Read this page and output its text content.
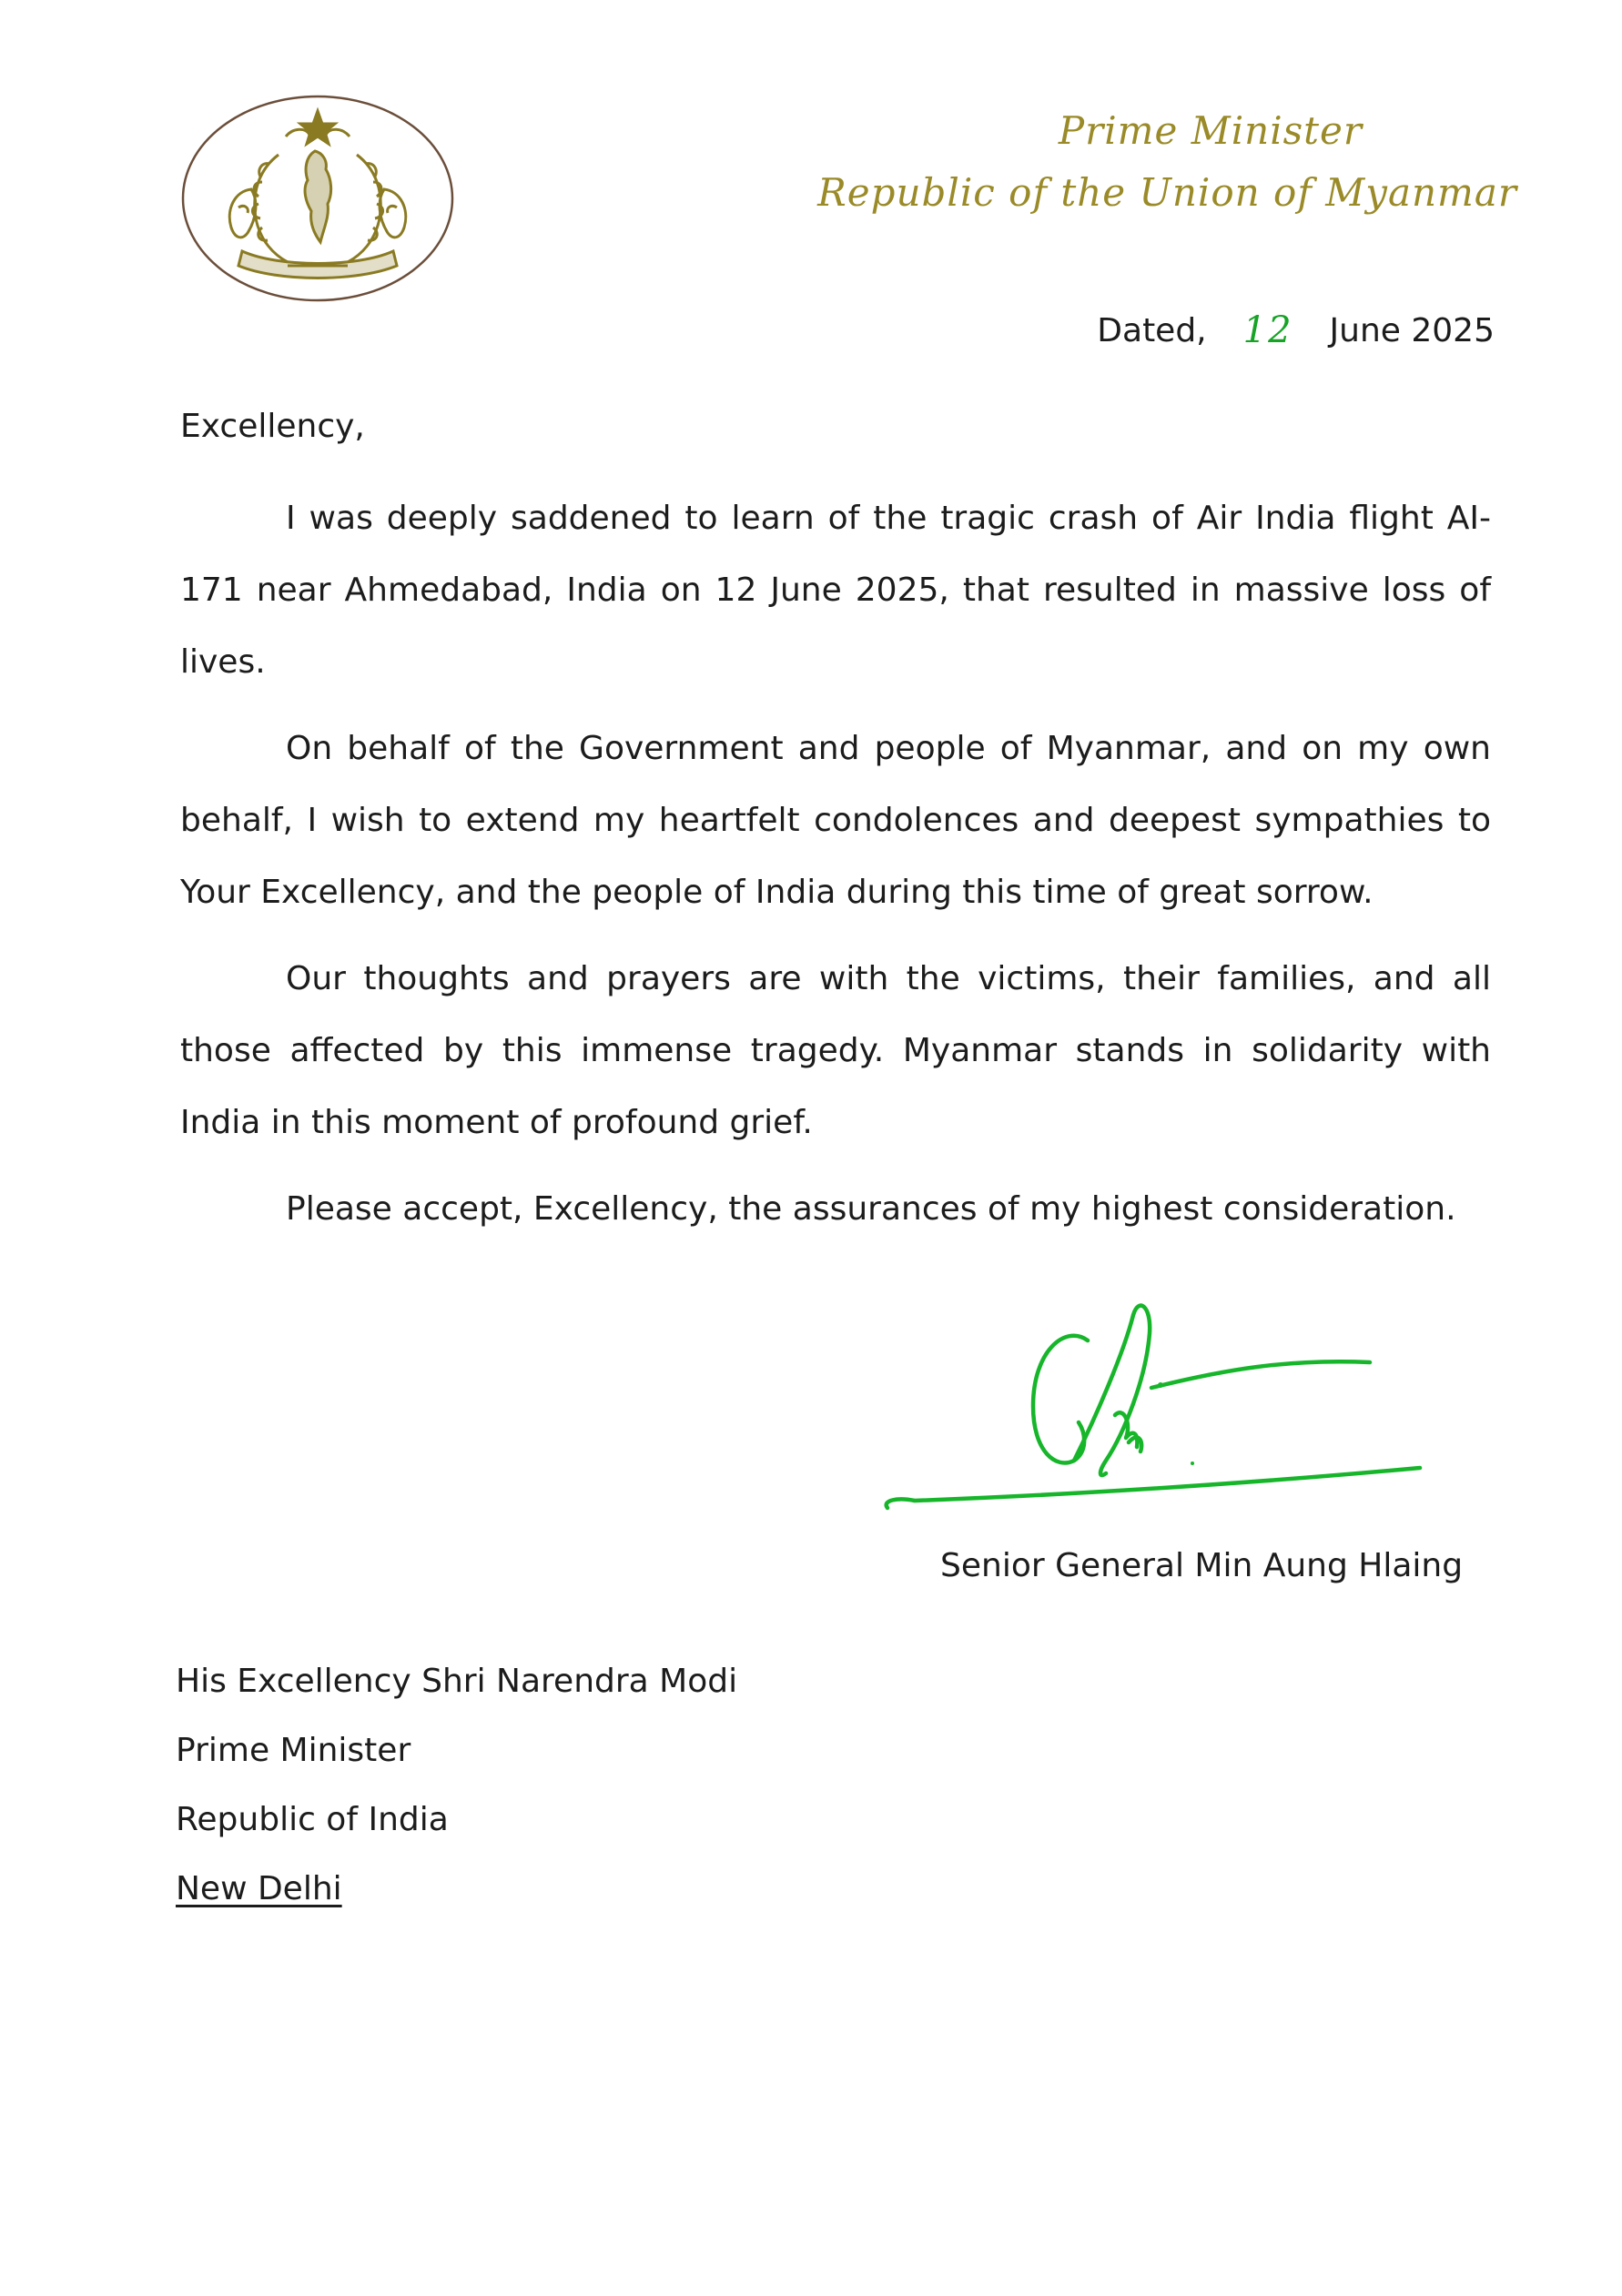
Prime Minister
Republic of the Union of Myanmar
Dated, 12 June 2025
Excellency,

I was deeply saddened to learn of the tragic crash of Air India flight AI-171 near Ahmedabad, India on 12 June 2025, that resulted in massive loss of lives.

On behalf of the Government and people of Myanmar, and on my own behalf, I wish to extend my heartfelt condolences and deepest sympathies to Your Excellency, and the people of India during this time of great sorrow.

Our thoughts and prayers are with the victims, their families, and all those affected by this immense tragedy. Myanmar stands in solidarity with India in this moment of profound grief.

Please accept, Excellency, the assurances of my highest consideration.

Senior General Min Aung Hlaing
His Excellency Shri Narendra Modi
Prime Minister
Republic of India
New Delhi
